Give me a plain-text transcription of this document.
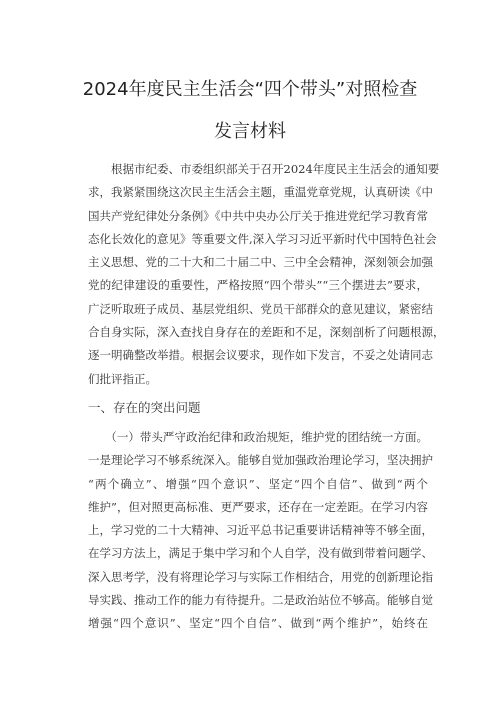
2024年度民主生活会“四个带头”对照检查
发言材料
　　根据市纪委、市委组织部关于召开2024年度民主生活会的通知要
求，我紧紧围绕这次民主生活会主题，重温党章党规，认真研读《中
国共产党纪律处分条例》《中共中央办公厅关于推进党纪学习教育常
态化长效化的意见》等重要文件,深入学习习近平新时代中国特色社会
主义思想、党的二十大和二十届二中、三中全会精神，深刻领会加强
党的纪律建设的重要性，严格按照“四个带头”“三个摆进去”要求，
广泛听取班子成员、基层党组织、党员干部群众的意见建议，紧密结
合自身实际，深入查找自身存在的差距和不足，深刻剖析了问题根源，
逐一明确整改举措。根据会议要求，现作如下发言，不妥之处请同志
们批评指正。
一、存在的突出问题
　　（一）带头严守政治纪律和政治规矩，维护党的团结统一方面。
一是理论学习不够系统深入。能够自觉加强政治理论学习，坚决拥护
“两个确立”、增强“四个意识”、坚定“四个自信”、做到“两个
维护”，但对照更高标准、更严要求，还存在一定差距。在学习内容
上，学习党的二十大精神、习近平总书记重要讲话精神等不够全面，
在学习方法上，满足于集中学习和个人自学，没有做到带着问题学、
深入思考学，没有将理论学习与实际工作相结合，用党的创新理论指
导实践、推动工作的能力有待提升。二是政治站位不够高。能够自觉
增强“四个意识”、坚定“四个自信”、做到“两个维护”，始终在
